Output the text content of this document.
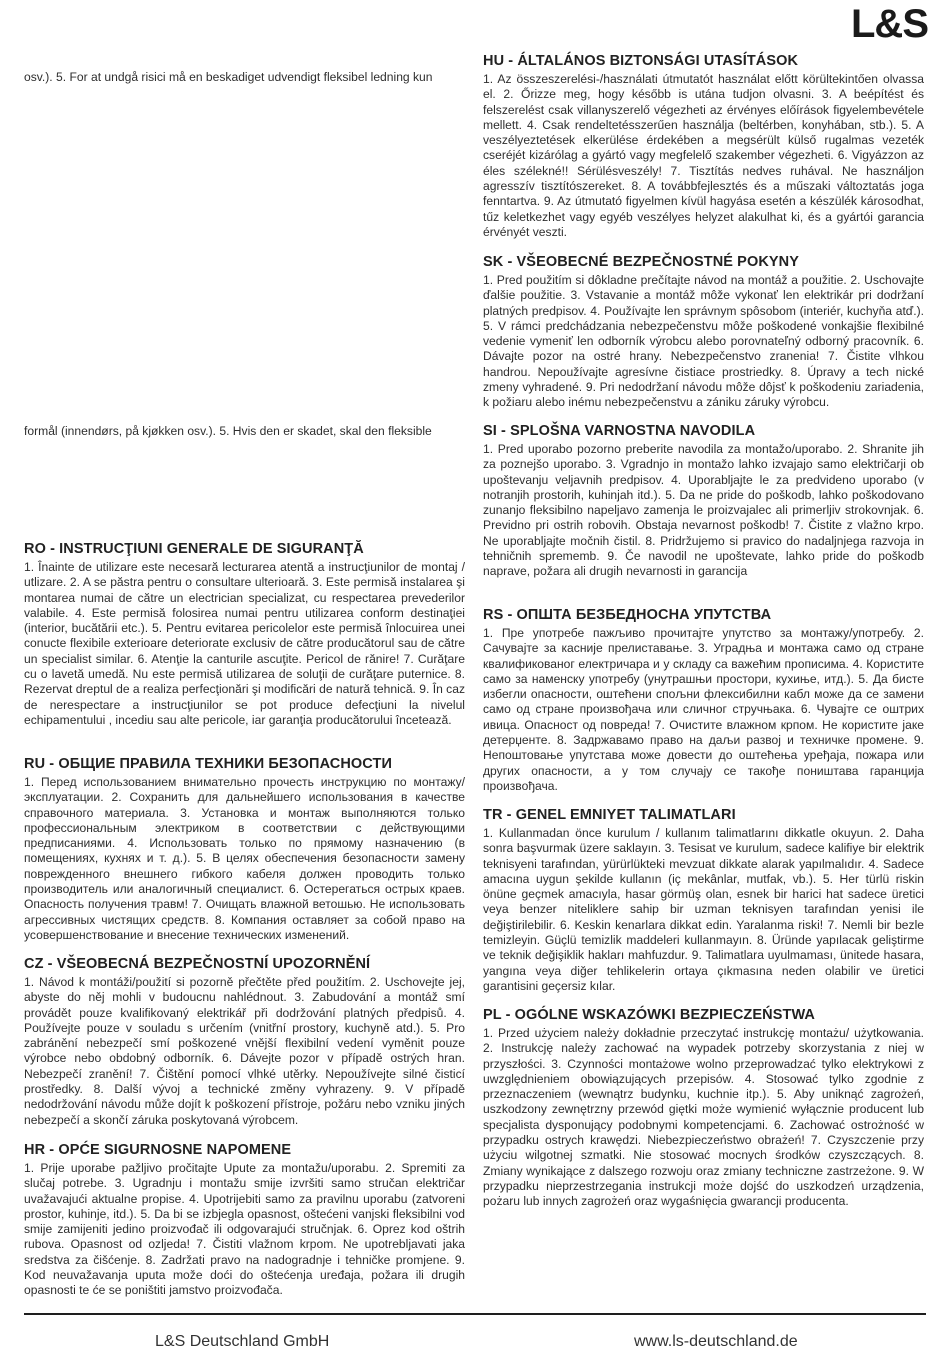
L&S
osv.). 5. For at undgå risici må en beskadiget udvendigt fleksibel ledning kun
formål (innendørs, på kjøkken osv.). 5. Hvis den er skadet, skal den fleksible
RO - INSTRUCŢIUNI GENERALE DE SIGURANŢĂ

1. Înainte de utilizare este necesară lecturarea atentă a instrucţiunilor de montaj / utlizare. 2. A se păstra pentru o consultare ulterioară. 3. Este permisă instalarea şi montarea numai de către un electrician specializat, cu respectarea prevederilor valabile. 4. Este permisă folosirea numai pentru utilizarea conform destinaţiei (interior, bucătării etc.). 5. Pentru evitarea pericolelor este permisă înlocuirea unei conucte flexibile exterioare deteriorate exclusiv de către producătorul sau de către un specialist similar. 6. Atenţie la canturile ascuţite. Pericol de rănire! 7. Curăţare cu o lavetă umedă. Nu este permisă utilizarea de soluţii de curăţare puternice. 8. Rezervat dreptul de a realiza perfecţionări şi modificări de natură tehnică. 9. În caz de nerespectare a instrucţiunilor se pot produce defecţiuni la nivelul echipamentului , incediu sau alte pericole, iar garanţia producătorului încetează.

RU - ОБЩИЕ ПРАВИЛА ТЕХНИКИ БЕЗОПАСНОСТИ

1. Перед использованием внимательно прочесть инструкцию по монтажу/эксплуатации. 2. Сохранить для дальнейшего использования в качестве справочного материала. 3. Установка и монтаж выполняются только профессиональным электриком в соответствии с действующими предписаниями. 4. Использовать только по прямому назначению (в помещениях, кухнях и т. д.). 5. В целях обеспечения безопасности замену поврежденного внешнего гибкого кабеля должен проводить только производитель или аналогичный специалист. 6. Остерегаться острых краев. Опасность получения травм! 7. Очищать влажной ветошью. Не использовать агрессивных чистящих средств. 8. Компания оставляет за собой право на усовершенствование и внесение технических изменений.

CZ - VŠEOBECNÁ BEZPEČNOSTNÍ UPOZORNĚNÍ

1. Návod k montáži/použití si pozorně přečtěte před použitím. 2. Uschovejte jej, abyste do něj mohli v budoucnu nahlédnout. 3. Zabudování a montáž smí provádět pouze kvalifikovaný elektrikář při dodržování platných předpisů. 4. Používejte pouze v souladu s určením (vnitřní prostory, kuchyně atd.). 5. Pro zabránění nebezpečí smí poškozené vnější flexibilní vedení vyměnit pouze výrobce nebo obdobný odborník. 6. Dávejte pozor v případě ostrých hran. Nebezpečí zranění! 7. Čištění pomocí vlhké utěrky. Nepoužívejte silné čisticí prostředky. 8. Další vývoj a technické změny vyhrazeny. 9. V případě nedodržování návodu může dojít k poškození přístroje, požáru nebo vzniku jiných nebezpečí a skončí záruka poskytovaná výrobcem.

HR - OPĆE SIGURNOSNE NAPOMENE

1. Prije uporabe pažljivo pročitajte Upute za montažu/uporabu. 2. Spremiti za slučaj potrebe. 3. Ugradnju i montažu smije izvršiti samo stručan električar uvažavajući aktualne propise. 4. Upotrijebiti samo za pravilnu uporabu (zatvoreni prostor, kuhinje, itd.). 5. Da bi se izbjegla opasnost, oštećeni vanjski fleksibilni vod smije zamijeniti jedino proizvođač ili odgovarajući stručnjak. 6. Oprez kod oštrih rubova. Opasnost od ozljeda! 7. Čistiti vlažnom krpom. Ne upotrebljavati jaka sredstva za čišćenje. 8. Zadržati pravo na nadogradnje i tehničke promjene. 9. Kod neuvažavanja uputa može doći do oštećenja uređaja, požara ili drugih opasnosti te će se poništiti jamstvo proizvođača.

HU - ÁLTALÁNOS BIZTONSÁGI UTASÍTÁSOK

1. Az összeszerelési-/használati útmutatót használat előtt körültekintően olvassa el. 2. Őrizze meg, hogy később is utána tudjon olvasni. 3. A beépítést és felszerelést csak villanyszerelő végezheti az érvényes előírások figyelembevétele mellett. 4. Csak rendeltetésszerűen használja (beltérben, konyhában, stb.). 5. A veszélyeztetések elkerülése érdekében a megsérült külső rugalmas vezeték cseréjét kizárólag a gyártó vagy megfelelő szakember végezheti. 6. Vigyázzon az éles szélekné!! Sérülésveszély! 7. Tisztítás nedves ruhával. Ne használjon agresszív tisztítószereket. 8. A továbbfejlesztés és a műszaki változtatás joga fenntartva. 9. Az útmutató figyelmen kívül hagyása esetén a készülék károsodhat, tűz keletkezhet vagy egyéb veszélyes helyzet alakulhat ki, és a gyártói garancia érvényét veszti.

SK - VŠEOBECNÉ BEZPEČNOSTNÉ POKYNY

1. Pred použitím si dôkladne prečítajte návod na montáž a použitie. 2. Uschovajte ďalšie použitie. 3. Vstavanie a montáž môže vykonať len elektrikár pri dodržaní platných predpisov. 4. Používajte len správnym spôsobom (interiér, kuchyňa atď.). 5. V rámci predchádzania nebezpečenstvu môže poškodené vonkajšie flexibilné vedenie vymeniť len odborník výrobcu alebo porovnateľný odborný pracovník. 6. Dávajte pozor na ostré hrany. Nebezpečenstvo zranenia! 7. Čistite vlhkou handrou. Nepoužívajte agresívne čistiace prostriedky. 8. Úpravy a tech nické zmeny vyhradené. 9. Pri nedodržaní návodu môže dôjsť k poškodeniu zariadenia, k požiaru alebo inému nebezpečenstvu a zániku záruky výrobcu.

SI - SPLOŠNA VARNOSTNA NAVODILA

1. Pred uporabo pozorno preberite navodila za montažo/uporabo. 2. Shranite jih za poznejšo uporabo. 3. Vgradnjo in montažo lahko izvajajo samo električarji ob upoštevanju veljavnih predpisov. 4. Uporabljajte le za predvideno uporabo (v notranjih prostorih, kuhinjah itd.). 5. Da ne pride do poškodb, lahko poškodovano zunanjo fleksibilno napeljavo zamenja le proizvajalec ali primerljiv strokovnjak. 6. Previdno pri ostrih robovih. Obstaja nevarnost poškodb! 7. Čistite z vlažno krpo. Ne uporabljajte močnih čistil. 8. Pridržujemo si pravico do nadaljnjega razvoja in tehničnih sprememb. 9. Če navodil ne upoštevate, lahko pride do poškodb naprave, požara ali drugih nevarnosti in garancija

RS - ОПШТА БЕЗБЕДНОСНА УПУТСТВА

1. Пре употребе пажљиво прочитајте упутство за монтажу/употребу. 2. Сачувајте за касније прелиставање. 3. Уградња и монтажа само од стране квалификованог електричара и у складу са важећим прописима. 4. Користите само за наменску употребу (унутрашњи простори, кухиње, итд.). 5. Да бисте избегли опасности, оштећени спољни флексибилни кабл може да се замени само од стране произвођача или сличног стручњака. 6. Чувајте се оштрих ивица. Опасност од повреда! 7. Очистите влажном крпом. Не користите јаке детерџенте. 8. Задржавамо право на даљи развој и техничке промене. 9. Непоштовање упутстава може довести до оштећења уређаја, пожара или других опасности, а у том случају се такође поништава гаранција произвођача.

TR - GENEL EMNIYET TALIMATLARI

1. Kullanmadan önce kurulum / kullanım talimatlarını dikkatle okuyun. 2. Daha sonra başvurmak üzere saklayın. 3. Tesisat ve kurulum, sadece kalifiye bir elektrik teknisyeni tarafından, yürürlükteki mevzuat dikkate alarak yapılmalıdır. 4. Sadece amacına uygun şekilde kullanın (iç mekânlar, mutfak, vb.). 5. Her türlü riskin önüne geçmek amacıyla, hasar görmüş olan, esnek bir harici hat sadece üretici veya benzer niteliklere sahip bir uzman teknisyen tarafından yenisi ile değiştirilebilir. 6. Keskin kenarlara dikkat edin. Yaralanma riski! 7. Nemli bir bezle temizleyin. Güçlü temizlik maddeleri kullanmayın. 8. Üründe yapılacak geliştirme ve teknik değişiklik hakları mahfuzdur. 9. Talimatlara uyulmaması, ünitede hasara, yangına veya diğer tehlikelerin ortaya çıkmasına neden olabilir ve üretici garantisini geçersiz kılar.

PL - OGÓLNE WSKAZÓWKI BEZPIECZEŃSTWA

1. Przed użyciem należy dokładnie przeczytać instrukcję montażu/ użytkowania. 2. Instrukcję należy zachować na wypadek potrzeby skorzystania z niej w przyszłości. 3. Czynności montażowe wolno przeprowadzać tylko elektrykowi z uwzględnieniem obowiązujących przepisów. 4. Stosować tylko zgodnie z przeznaczeniem (wewnątrz budynku, kuchnie itp.). 5. Aby uniknąć zagrożeń, uszkodzony zewnętrzny przewód giętki może wymienić wyłącznie producent lub specjalista dysponujący podobnymi kompetencjami. 6. Zachować ostrożność w przypadku ostrych krawędzi. Niebezpieczeństwo obrażeń! 7. Czyszczenie przy użyciu wilgotnej szmatki. Nie stosować mocnych środków czyszczących. 8. Zmiany wynikające z dalszego rozwoju oraz zmiany techniczne zastrzeżone. 9. W przypadku nieprzestrzegania instrukcji może dojść do uszkodzeń urządzenia, pożaru lub innych zagrożeń oraz wygaśnięcia gwarancji producenta.

L&S Deutschland GmbH	www.ls-deutschland.de
